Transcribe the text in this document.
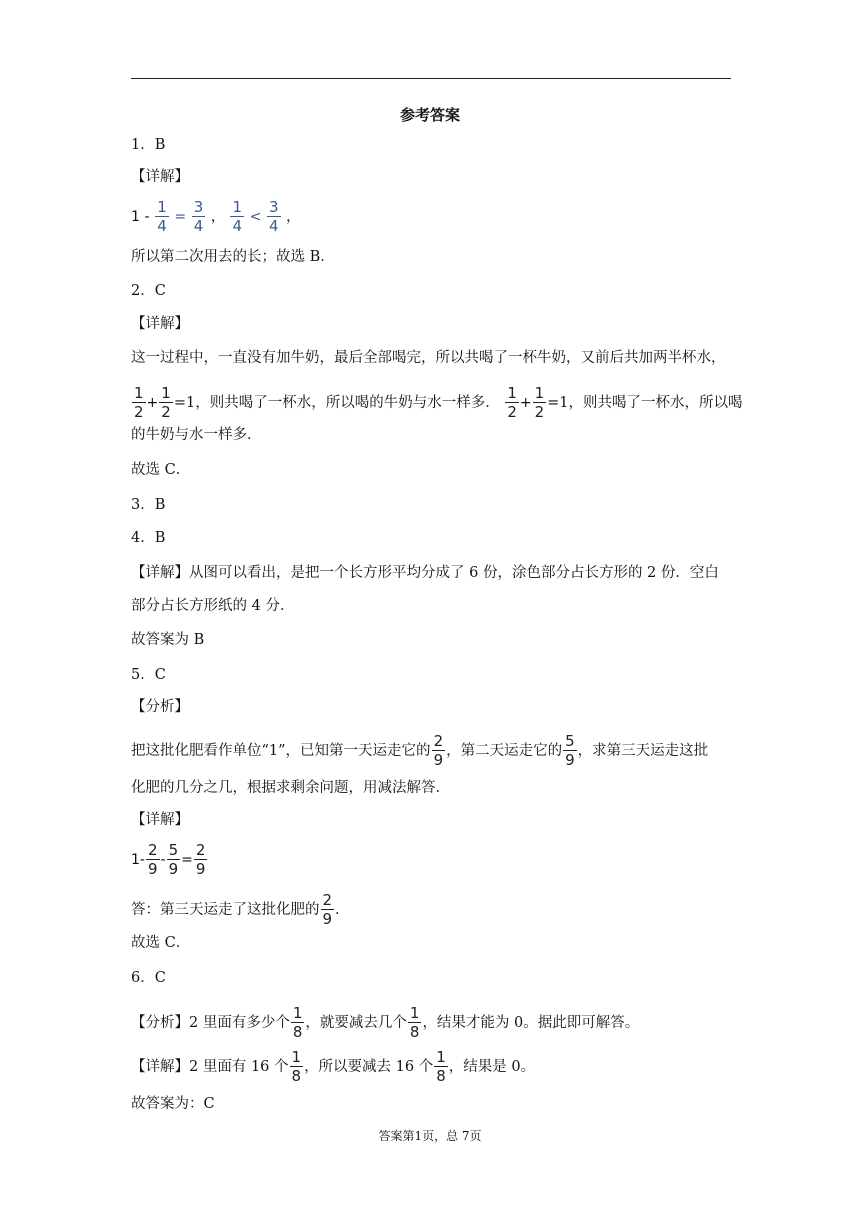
参考答案
1．B
【详解】
$1 - \frac{1}{4} = \frac{3}{4}$ ， $\frac{1}{4} < \frac{3}{4}$ ，
所以第二次用去的长；故选 B．
2．C
【详解】
这一过程中，一直没有加牛奶，最后全部喝完，所以共喝了一杯牛奶，又前后共加两半杯水，
$\frac{1}{2} + \frac{1}{2} =1$，则共喝了一杯水，所以喝的牛奶与水一样多． $\frac{1}{2} + \frac{1}{2} =1$，则共喝了一杯水，所以喝
的牛奶与水一样多．
故选 C．
3．B
4．B
【详解】从图可以看出，是把一个长方形平均分成了 6 份，涂色部分占长方形的 2 份．空白
部分占长方形纸的 4 分．
故答案为 B
5．C
【分析】
把这批化肥看作单位“1”，已知第一天运走它的 $\frac{2}{9}$ ，第二天运走它的 $\frac{5}{9}$ ，求第三天运走这批
化肥的几分之几，根据求剩余问题，用减法解答．
【详解】
$1- \frac{2}{9} - \frac{5}{9} = \frac{2}{9}$
答：第三天运走了这批化肥的 $\frac{2}{9}$ ．
故选 C．
6．C
【分析】2 里面有多少个 $\frac{1}{8}$ ，就要减去几个 $\frac{1}{8}$ ，结果才能为 0。据此即可解答。
【详解】2 里面有 16 个 $\frac{1}{8}$ ，所以要减去 16 个 $\frac{1}{8}$ ，结果是 0。
故答案为：C
答案第1页，总 7页
